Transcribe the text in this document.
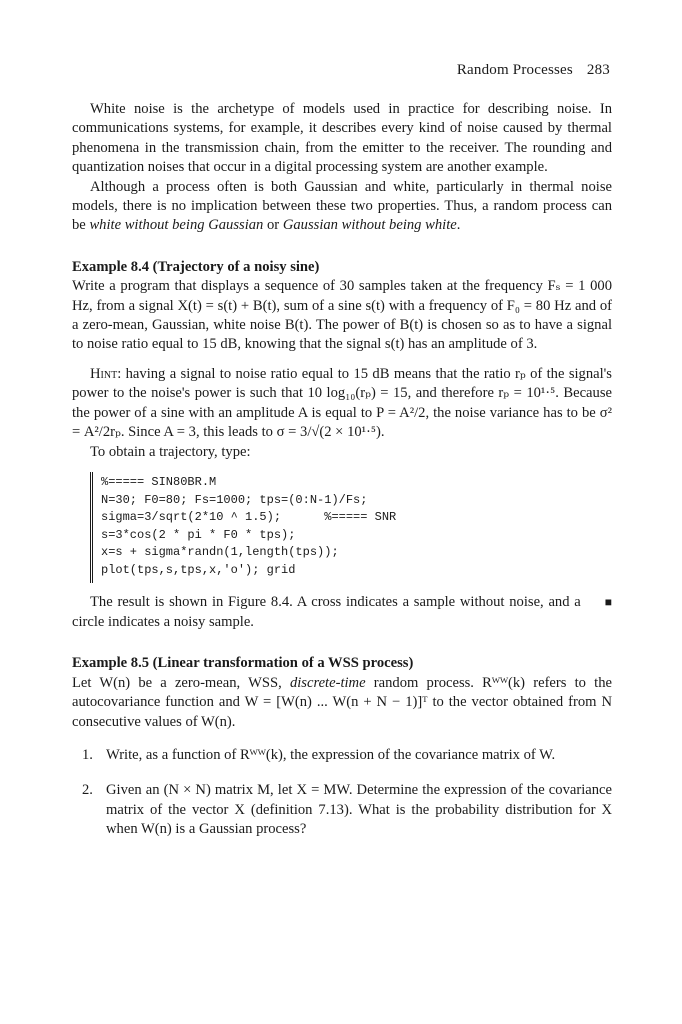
Random Processes 283

White noise is the archetype of models used in practice for describing noise. In communications systems, for example, it describes every kind of noise caused by thermal phenomena in the transmission chain, from the emitter to the receiver. The rounding and quantization noises that occur in a digital processing system are another example.

Although a process often is both Gaussian and white, particularly in thermal noise models, there is no implication between these two properties. Thus, a random process can be white without being Gaussian or Gaussian without being white.

Example 8.4 (Trajectory of a noisy sine)

Write a program that displays a sequence of 30 samples taken at the frequency Fₛ = 1 000 Hz, from a signal X(t) = s(t) + B(t), sum of a sine s(t) with a frequency of F₀ = 80 Hz and of a zero-mean, Gaussian, white noise B(t). The power of B(t) is chosen so as to have a signal to noise ratio equal to 15 dB, knowing that the signal s(t) has an amplitude of 3.

Hint: having a signal to noise ratio equal to 15 dB means that the ratio rₚ of the signal's power to the noise's power is such that 10 log₁₀(rₚ) = 15, and therefore rₚ = 10¹·⁵. Because the power of a sine with an amplitude A is equal to P = A²/2, the noise variance has to be σ² = A²/2rₚ. Since A = 3, this leads to σ = 3/√(2 × 10¹·⁵).

To obtain a trajectory, type:

%===== SIN80BR.M
N=30; F0=80; Fs=1000; tps=(0:N-1)/Fs;
sigma=3/sqrt(2*10 ^ 1.5);      %===== SNR
s=3*cos(2 * pi * F0 * tps);
x=s + sigma*randn(1,length(tps));
plot(tps,s,tps,x,'o'); grid

The result is shown in Figure 8.4. A cross indicates a sample without noise, and a circle indicates a noisy sample.

■

Example 8.5 (Linear transformation of a WSS process)

Let W(n) be a zero-mean, WSS, discrete-time random process. Rᵂᵂ(k) refers to the autocovariance function and W = [W(n) ... W(n + N − 1)]ᵀ to the vector obtained from N consecutive values of W(n).

1. Write, as a function of Rᵂᵂ(k), the expression of the covariance matrix of W.
2. Given an (N × N) matrix M, let X = MW. Determine the expression of the covariance matrix of the vector X (definition 7.13). What is the probability distribution for X when W(n) is a Gaussian process?
